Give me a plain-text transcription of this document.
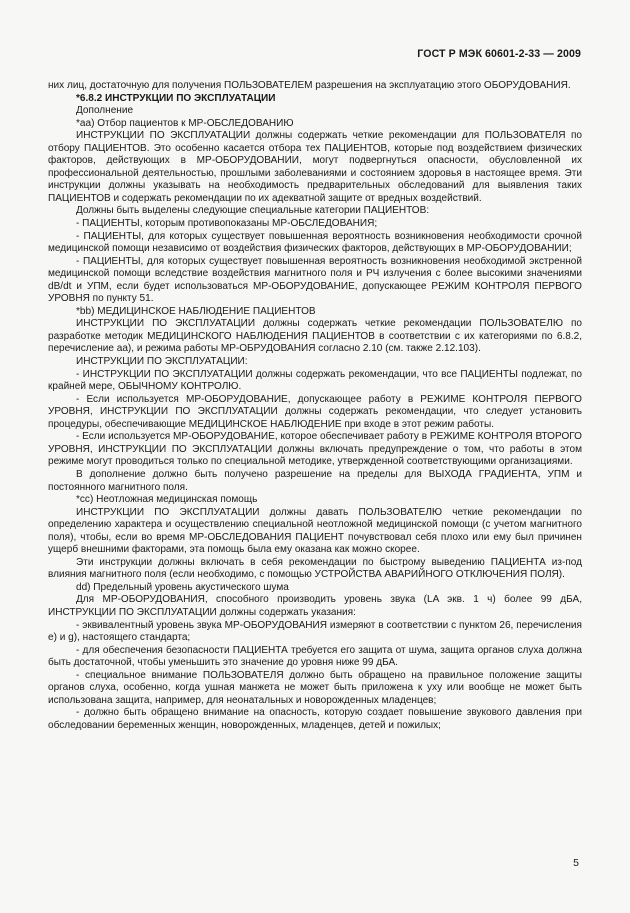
ГОСТ Р МЭК 60601-2-33 — 2009

них лиц, достаточную для получения ПОЛЬЗОВАТЕЛЕМ разрешения на эксплуатацию этого ОБОРУДОВАНИЯ.

*6.8.2 ИНСТРУКЦИИ ПО ЭКСПЛУАТАЦИИ

Дополнение

*аа) Отбор пациентов к МР-ОБСЛЕДОВАНИЮ

ИНСТРУКЦИИ ПО ЭКСПЛУАТАЦИИ должны содержать четкие рекомендации для ПОЛЬЗОВАТЕЛЯ по отбору ПАЦИЕНТОВ. Это особенно касается отбора тех ПАЦИЕНТОВ, которые под воздействием физических факторов, действующих в МР-ОБОРУДОВАНИИ, могут подвергнуться опасности, обусловленной их профессиональной деятельностью, прошлыми заболеваниями и состоянием здоровья в настоящее время. Эти инструкции должны указывать на необходимость предварительных обследований для выявления таких ПАЦИЕНТОВ и содержать рекомендации по их адекватной защите от вредных воздействий.

Должны быть выделены следующие специальные категории ПАЦИЕНТОВ:

- ПАЦИЕНТЫ, которым противопоказаны МР-ОБСЛЕДОВАНИЯ;

- ПАЦИЕНТЫ, для которых существует повышенная вероятность возникновения необходимости срочной медицинской помощи независимо от воздействия физических факторов, действующих в МР-ОБОРУДОВАНИИ;

- ПАЦИЕНТЫ, для которых существует повышенная вероятность возникновения необходимой экстренной медицинской помощи вследствие воздействия магнитного поля и РЧ излучения с более высокими значениями dB/dt и УПМ, если будет использоваться МР-ОБОРУДОВАНИЕ, допускающее РЕЖИМ КОНТРОЛЯ ПЕРВОГО УРОВНЯ по пункту 51.

*bb) МЕДИЦИНСКОЕ НАБЛЮДЕНИЕ ПАЦИЕНТОВ

ИНСТРУКЦИИ ПО ЭКСПЛУАТАЦИИ должны содержать четкие рекомендации ПОЛЬЗОВАТЕЛЮ по разработке методик МЕДИЦИНСКОГО НАБЛЮДЕНИЯ ПАЦИЕНТОВ в соответствии с их категориями по 6.8.2, перечисление аа), и режима работы МР-ОБРУДОВАНИЯ согласно 2.10 (см. также 2.12.103).

ИНСТРУКЦИИ ПО ЭКСПЛУАТАЦИИ:

- ИНСТРУКЦИИ ПО ЭКСПЛУАТАЦИИ должны содержать рекомендации, что все ПАЦИЕНТЫ подлежат, по крайней мере, ОБЫЧНОМУ КОНТРОЛЮ.

- Если используется МР-ОБОРУДОВАНИЕ, допускающее работу в РЕЖИМЕ КОНТРОЛЯ ПЕРВОГО УРОВНЯ, ИНСТРУКЦИИ ПО ЭКСПЛУАТАЦИИ должны содержать рекомендации, что следует установить процедуры, обеспечивающие МЕДИЦИНСКОЕ НАБЛЮДЕНИЕ при входе в этот режим работы.

- Если используется МР-ОБОРУДОВАНИЕ, которое обеспечивает работу в РЕЖИМЕ КОНТРОЛЯ ВТОРОГО УРОВНЯ, ИНСТРУКЦИИ ПО ЭКСПЛУАТАЦИИ должны включать предупреждение о том, что работы в этом режиме могут проводиться только по специальной методике, утвержденной соответствующими организациями.

В дополнение должно быть получено разрешение на пределы для ВЫХОДА ГРАДИЕНТА, УПМ и постоянного магнитного поля.

*cc) Неотложная медицинская помощь

ИНСТРУКЦИИ ПО ЭКСПЛУАТАЦИИ должны давать ПОЛЬЗОВАТЕЛЮ четкие рекомендации по определению характера и осуществлению специальной неотложной медицинской помощи (с учетом магнитного поля), чтобы, если во время МР-ОБСЛЕДОВАНИЯ ПАЦИЕНТ почувствовал себя плохо или ему был причинен ущерб внешними факторами, эта помощь была ему оказана как можно скорее.

Эти инструкции должны включать в себя рекомендации по быстрому выведению ПАЦИЕНТА из-под влияния магнитного поля (если необходимо, с помощью УСТРОЙСТВА АВАРИЙНОГО ОТКЛЮЧЕНИЯ ПОЛЯ).

dd) Предельный уровень акустического шума

Для МР-ОБОРУДОВАНИЯ, способного производить уровень звука (LA экв. 1 ч) более 99 дБА, ИНСТРУКЦИИ ПО ЭКСПЛУАТАЦИИ должны содержать указания:

- эквивалентный уровень звука МР-ОБОРУДОВАНИЯ измеряют в соответствии с пунктом 26, перечисления е) и g), настоящего стандарта;

- для обеспечения безопасности ПАЦИЕНТА требуется его защита от шума, защита органов слуха должна быть достаточной, чтобы уменьшить это значение до уровня ниже 99 дБА.

- специальное внимание ПОЛЬЗОВАТЕЛЯ должно быть обращено на правильное положение защиты органов слуха, особенно, когда ушная манжета не может быть приложена к уху или вообще не может быть использована защита, например, для неонатальных и новорожденных младенцев;

- должно быть обращено внимание на опасность, которую создает повышение звукового давления при обследовании беременных женщин, новорожденных, младенцев, детей и пожилых;

5
